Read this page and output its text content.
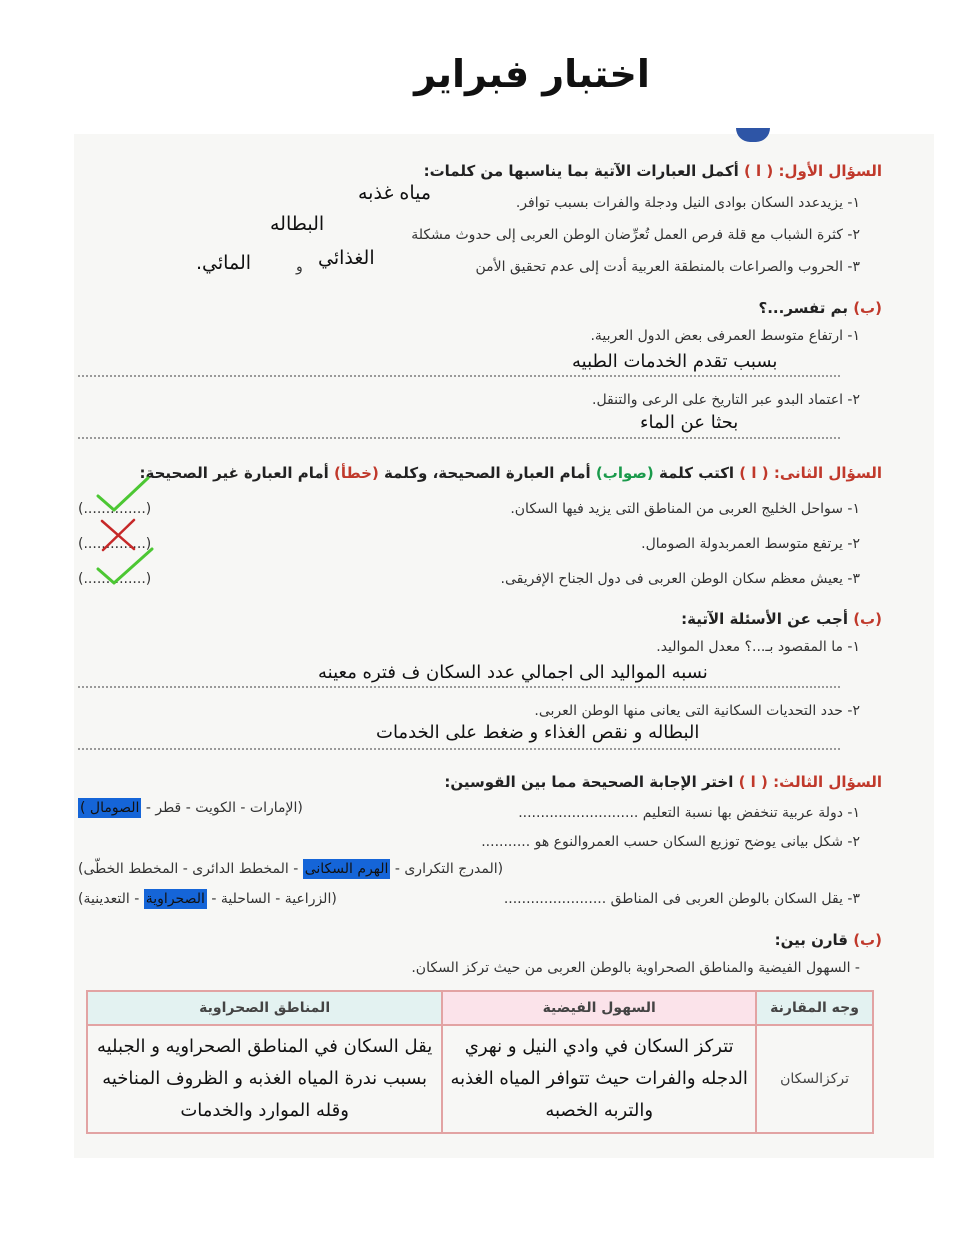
اختبار فبراير
السؤال الأول: ( ا ) أكمل العبارات الآتية بما يناسبها من كلمات:
١- يزيدعدد السكان بوادى النيل ودجلة والفرات بسبب توافر.
مياه غذبه
٢- كثرة الشباب مع قلة فرص العمل تُعرِّضان الوطن العربى إلى حدوث مشكلة
البطاله
٣- الحروب والصراعات بالمنطقة العربية أدت إلى عدم تحقيق الأمن
الغذائي
و
المائي.
(ب) بم تفسر...؟
١- ارتفاع متوسط العمرفى بعض الدول العربية.
بسبب تقدم الخدمات الطبيه
٢- اعتماد البدو عبر التاريخ على الرعى والتنقل.
بحثا عن الماء
السؤال الثانى: ( ا ) اكتب كلمة (صواب) أمام العبارة الصحيحة، وكلمة (خطأ) أمام العبارة غير الصحيحة:
١- سواحل الخليج العربى من المناطق التى يزيد فيها السكان.
(..............)
٢- يرتفع متوسط العمربدولة الصومال.
(..............)
٣- يعيش معظم سكان الوطن العربى فى دول الجناح الإفريقى.
(..............)
(ب) أجب عن الأسئلة الآتية:
١- ما المقصود بـ...؟ معدل المواليد.
نسبه المواليد الى اجمالي عدد السكان ف فتره معينه
٢- حدد التحديات السكانية التى يعانى منها الوطن العربى.
البطاله و نقص الغذاء و ضغط على الخدمات
السؤال الثالث: ( ا ) اختر الإجابة الصحيحة مما بين القوسين:
١- دولة عربية تنخفض بها نسبة التعليم ...........................
(الإمارات - الكويت - قطر - الصومال )
٢- شكل بيانى يوضح توزيع السكان حسب العمروالنوع هو ...........
(المدرج التكرارى - الهرم السكانى - المخطط الدائرى - المخطط الخطّى)
٣- يقل السكان بالوطن العربى فى المناطق .......................
(الزراعية - الساحلية - الصحراوية - التعدينية)
(ب) قارن بين:
- السهول الفيضية والمناطق الصحراوية بالوطن العربى من حيث تركز السكان.
وجه المقارنة	السهول الفيضية	المناطق الصحراوية

تركزالسكان	تتركز السكان في وادي النيل و نهري الدجله والفرات حيث تتوافر المياه الغذبه والتربه الخصبه	يقل السكان في المناطق الصحراويه و الجبليه بسبب ندرة المياه الغذبه و الظروف المناخيه وقله الموارد والخدمات
